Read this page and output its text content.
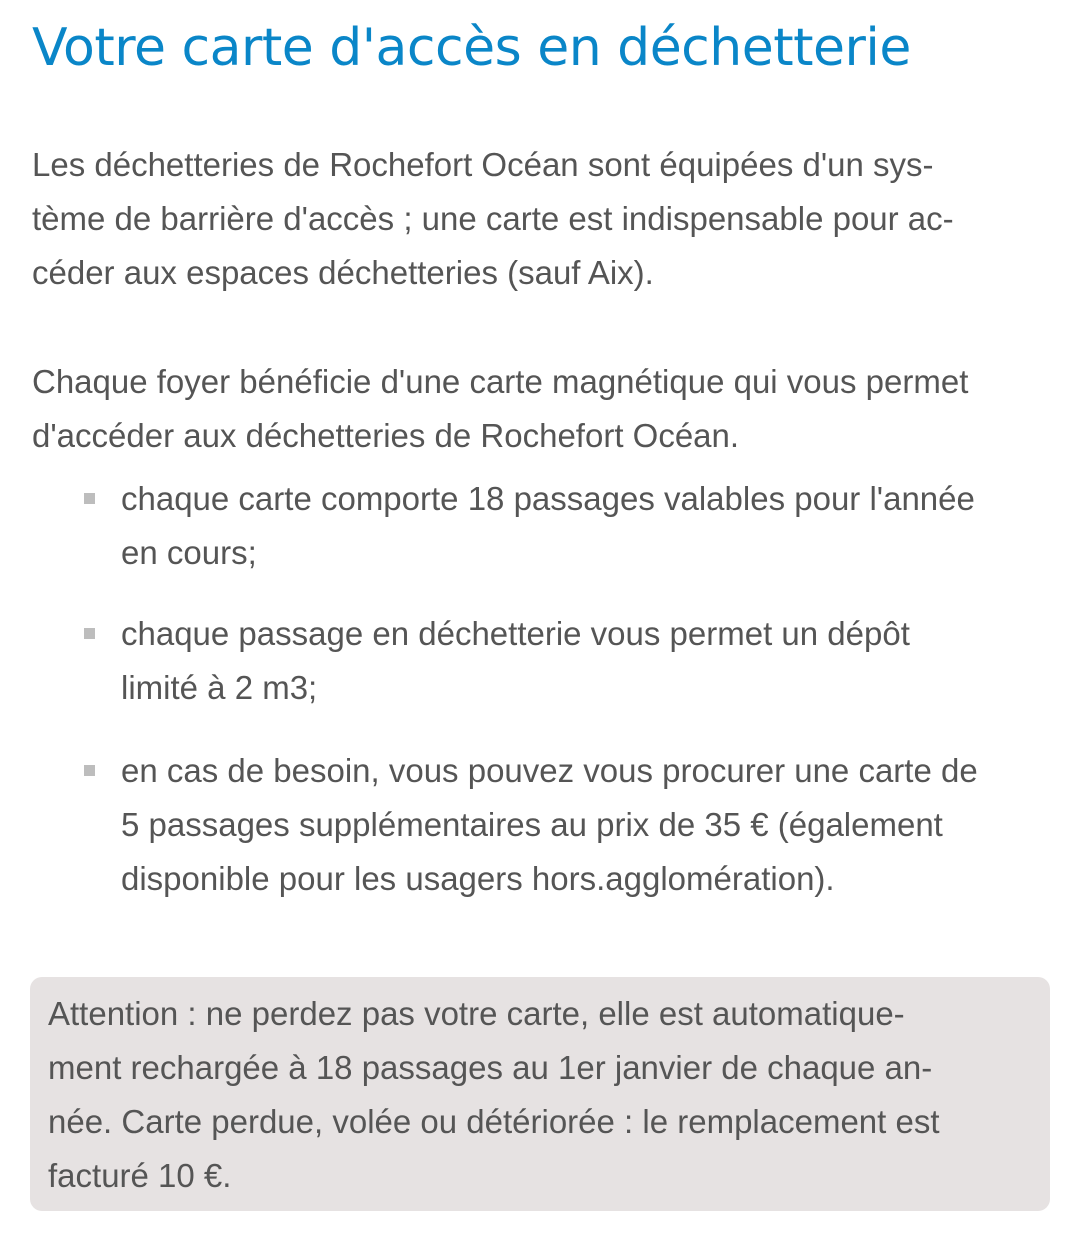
Votre carte d'accès en déchetterie

Les déchetteries de Rochefort Océan sont équipées d'un sys-
tème de barrière d'accès ; une carte est indispensable pour ac-
céder aux espaces déchetteries (sauf Aix).

Chaque foyer bénéficie d'une carte magnétique qui vous permet
d'accéder aux déchetteries de Rochefort Océan.

chaque carte comporte 18 passages valables pour l'année
en cours;
chaque passage en déchetterie vous permet un dépôt
limité à 2 m3;
en cas de besoin, vous pouvez vous procurer une carte de
5 passages supplémentaires au prix de 35 € (également
disponible pour les usagers hors.agglomération).
Attention : ne perdez pas votre carte, elle est automatique-
ment rechargée à 18 passages au 1er janvier de chaque an-
née. Carte perdue, volée ou détériorée : le remplacement est
facturé 10 €.
